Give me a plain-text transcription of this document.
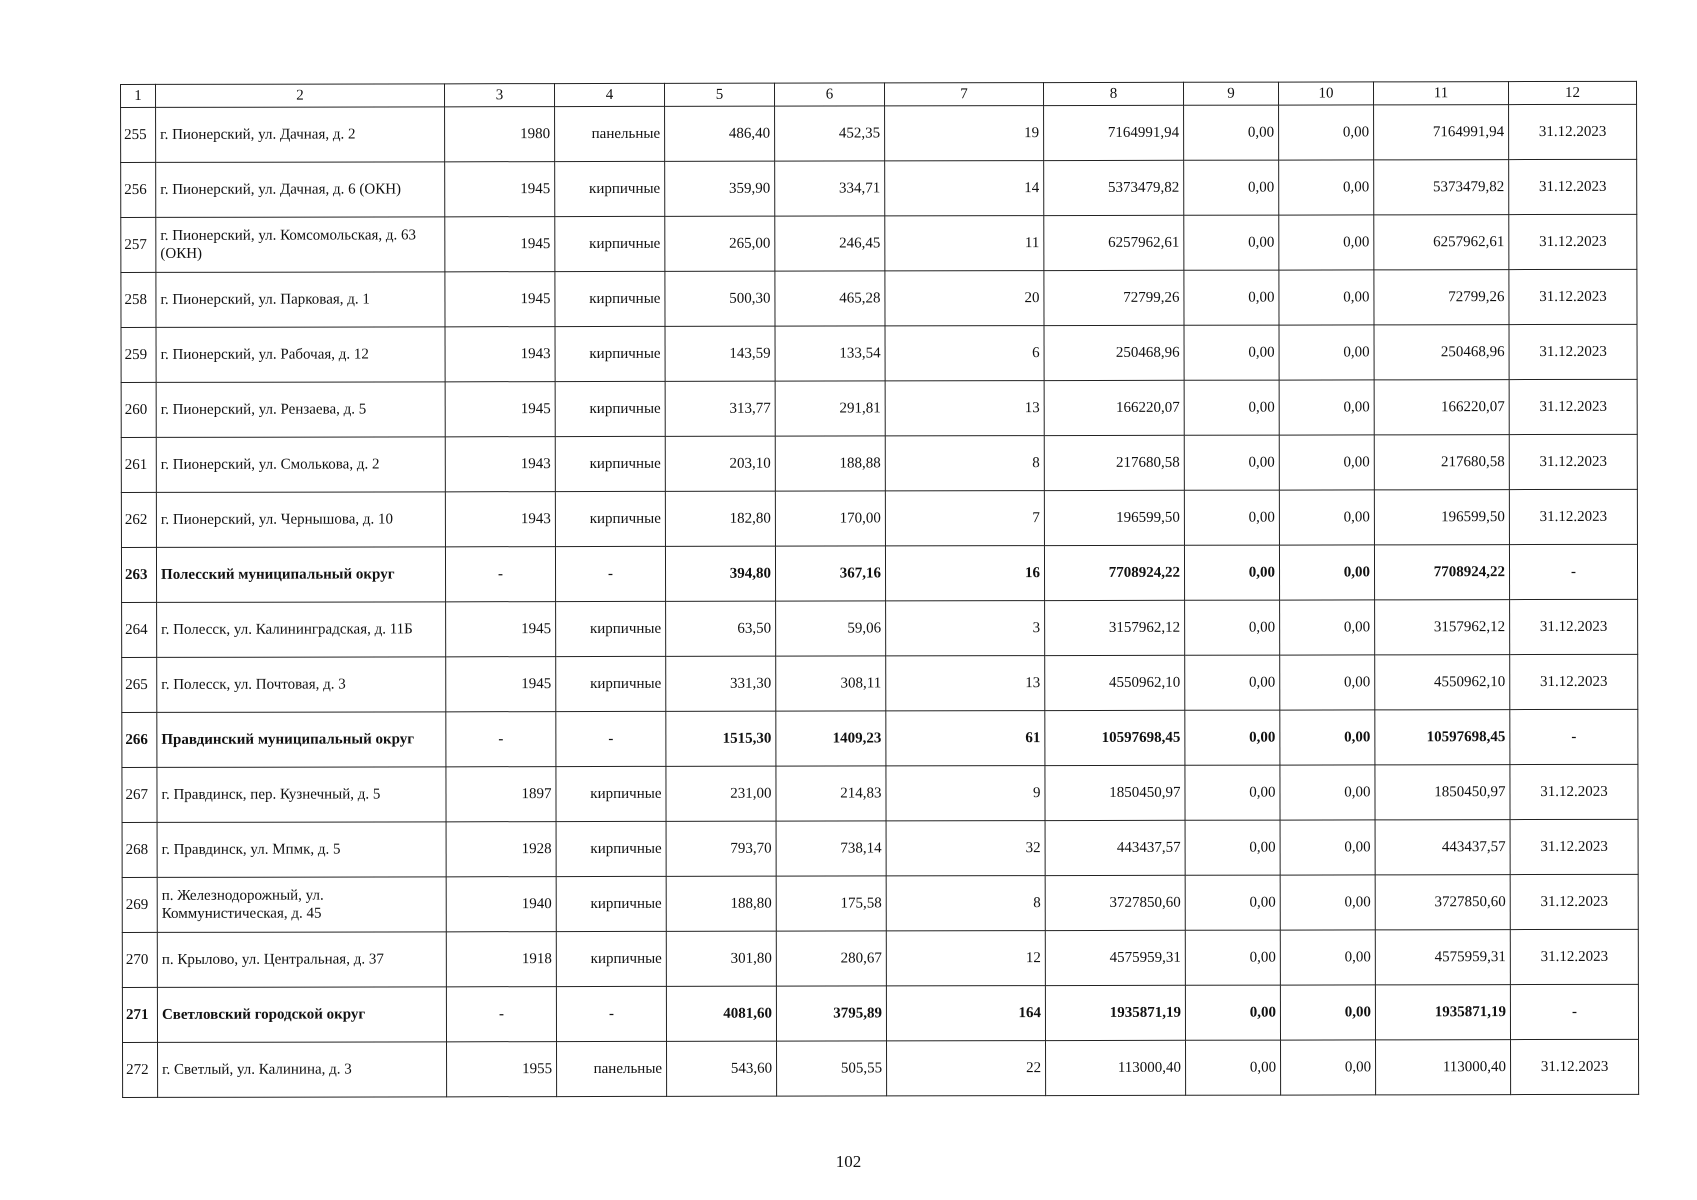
1	2	3	4	5	6	7	8	9	10	11	12
255	г. Пионерский, ул. Дачная, д. 2	1980	панельные	486,40	452,35	19	7164991,94	0,00	0,00	7164991,94	31.12.2023
256	г. Пионерский, ул. Дачная, д. 6 (ОКН)	1945	кирпичные	359,90	334,71	14	5373479,82	0,00	0,00	5373479,82	31.12.2023
257	г. Пионерский, ул. Комсомольская, д. 63 (ОКН)	1945	кирпичные	265,00	246,45	11	6257962,61	0,00	0,00	6257962,61	31.12.2023
258	г. Пионерский, ул. Парковая, д. 1	1945	кирпичные	500,30	465,28	20	72799,26	0,00	0,00	72799,26	31.12.2023
259	г. Пионерский, ул. Рабочая, д. 12	1943	кирпичные	143,59	133,54	6	250468,96	0,00	0,00	250468,96	31.12.2023
260	г. Пионерский, ул. Рензаева, д. 5	1945	кирпичные	313,77	291,81	13	166220,07	0,00	0,00	166220,07	31.12.2023
261	г. Пионерский, ул. Смолькова, д. 2	1943	кирпичные	203,10	188,88	8	217680,58	0,00	0,00	217680,58	31.12.2023
262	г. Пионерский, ул. Чернышова, д. 10	1943	кирпичные	182,80	170,00	7	196599,50	0,00	0,00	196599,50	31.12.2023
263	Полесский муниципальный округ	-	-	394,80	367,16	16	7708924,22	0,00	0,00	7708924,22	-
264	г. Полесск, ул. Калининградская, д. 11Б	1945	кирпичные	63,50	59,06	3	3157962,12	0,00	0,00	3157962,12	31.12.2023
265	г. Полесск, ул. Почтовая, д. 3	1945	кирпичные	331,30	308,11	13	4550962,10	0,00	0,00	4550962,10	31.12.2023
266	Правдинский муниципальный округ	-	-	1515,30	1409,23	61	10597698,45	0,00	0,00	10597698,45	-
267	г. Правдинск, пер. Кузнечный, д. 5	1897	кирпичные	231,00	214,83	9	1850450,97	0,00	0,00	1850450,97	31.12.2023
268	г. Правдинск, ул. Мпмк, д. 5	1928	кирпичные	793,70	738,14	32	443437,57	0,00	0,00	443437,57	31.12.2023
269	п. Железнодорожный, ул. Коммунистическая, д. 45	1940	кирпичные	188,80	175,58	8	3727850,60	0,00	0,00	3727850,60	31.12.2023
270	п. Крылово, ул. Центральная, д. 37	1918	кирпичные	301,80	280,67	12	4575959,31	0,00	0,00	4575959,31	31.12.2023
271	Светловский городской округ	-	-	4081,60	3795,89	164	1935871,19	0,00	0,00	1935871,19	-
272	г. Светлый, ул. Калинина, д. 3	1955	панельные	543,60	505,55	22	113000,40	0,00	0,00	113000,40	31.12.2023
102
